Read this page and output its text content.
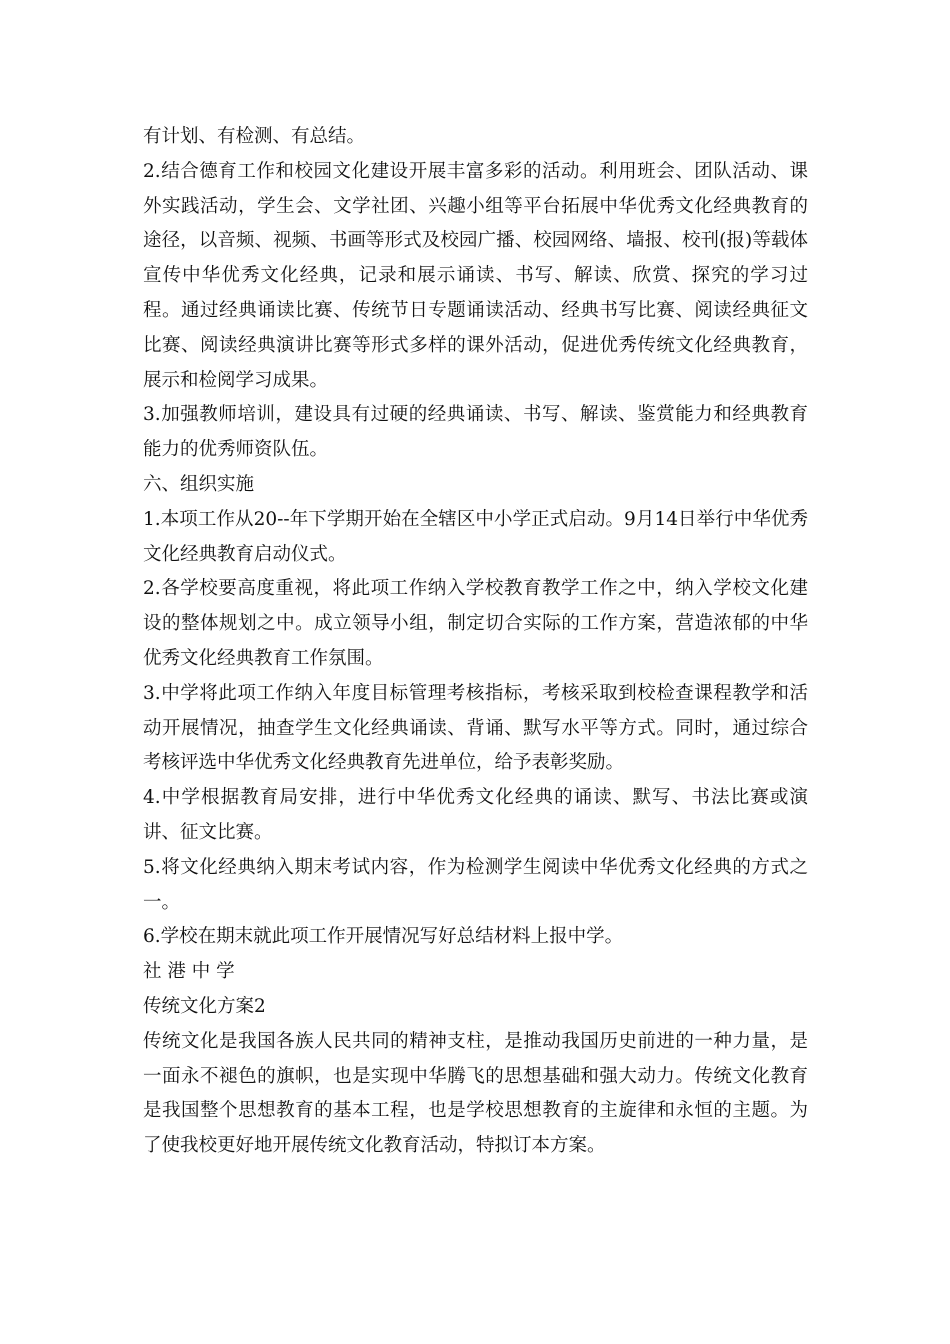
有计划、有检测、有总结。

2.结合德育工作和校园文化建设开展丰富多彩的活动。利用班会、团队活动、课外实践活动，学生会、文学社团、兴趣小组等平台拓展中华优秀文化经典教育的途径，以音频、视频、书画等形式及校园广播、校园网络、墙报、校刊(报)等载体宣传中华优秀文化经典，记录和展示诵读、书写、解读、欣赏、探究的学习过程。通过经典诵读比赛、传统节日专题诵读活动、经典书写比赛、阅读经典征文比赛、阅读经典演讲比赛等形式多样的课外活动，促进优秀传统文化经典教育，展示和检阅学习成果。

3.加强教师培训，建设具有过硬的经典诵读、书写、解读、鉴赏能力和经典教育能力的优秀师资队伍。

六、组织实施

1.本项工作从20--年下学期开始在全辖区中小学正式启动。9月14日举行中华优秀文化经典教育启动仪式。

2.各学校要高度重视，将此项工作纳入学校教育教学工作之中，纳入学校文化建设的整体规划之中。成立领导小组，制定切合实际的工作方案，营造浓郁的中华优秀文化经典教育工作氛围。

3.中学将此项工作纳入年度目标管理考核指标，考核采取到校检查课程教学和活动开展情况，抽查学生文化经典诵读、背诵、默写水平等方式。同时，通过综合考核评选中华优秀文化经典教育先进单位，给予表彰奖励。

4.中学根据教育局安排，进行中华优秀文化经典的诵读、默写、书法比赛或演讲、征文比赛。

5.将文化经典纳入期末考试内容，作为检测学生阅读中华优秀文化经典的方式之一。

6.学校在期末就此项工作开展情况写好总结材料上报中学。

社 港 中 学

传统文化方案2

传统文化是我国各族人民共同的精神支柱，是推动我国历史前进的一种力量，是一面永不褪色的旗帜，也是实现中华腾飞的思想基础和强大动力。传统文化教育是我国整个思想教育的基本工程，也是学校思想教育的主旋律和永恒的主题。为了使我校更好地开展传统文化教育活动，特拟订本方案。
